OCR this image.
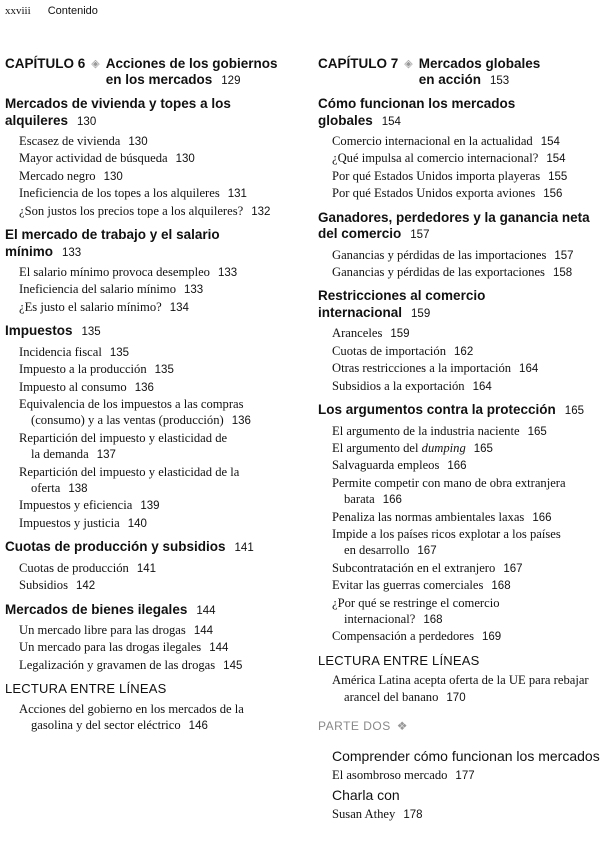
xxviii Contenido
CAPÍTULO 6 ◈ Acciones de los gobiernos
en los mercados 129
Mercados de vivienda y topes a los
alquileres 130
Escasez de vivienda 130
Mayor actividad de búsqueda 130
Mercado negro 130
Ineficiencia de los topes a los alquileres 131
¿Son justos los precios tope a los alquileres? 132
El mercado de trabajo y el salario mínimo 133
El salario mínimo provoca desempleo 133
Ineficiencia del salario mínimo 133
¿Es justo el salario mínimo? 134
Impuestos 135
Incidencia fiscal 135
Impuesto a la producción 135
Impuesto al consumo 136
Equivalencia de los impuestos a las compras
(consumo) y a las ventas (producción) 136
Repartición del impuesto y elasticidad de
la demanda 137
Repartición del impuesto y elasticidad de la
oferta 138
Impuestos y eficiencia 139
Impuestos y justicia 140
Cuotas de producción y subsidios 141
Cuotas de producción 141
Subsidios 142
Mercados de bienes ilegales 144
Un mercado libre para las drogas 144
Un mercado para las drogas ilegales 144
Legalización y gravamen de las drogas 145
LECTURA ENTRE LÍNEAS
Acciones del gobierno en los mercados de la
gasolina y del sector eléctrico 146
CAPÍTULO 7 ◈ Mercados globales
en acción 153
Cómo funcionan los mercados globales 154
Comercio internacional en la actualidad 154
¿Qué impulsa al comercio internacional? 154
Por qué Estados Unidos importa playeras 155
Por qué Estados Unidos exporta aviones 156
Ganadores, perdedores y la ganancia neta
del comercio 157
Ganancias y pérdidas de las importaciones 157
Ganancias y pérdidas de las exportaciones 158
Restricciones al comercio internacional 159
Aranceles 159
Cuotas de importación 162
Otras restricciones a la importación 164
Subsidios a la exportación 164
Los argumentos contra la protección 165
El argumento de la industria naciente 165
El argumento del dumping 165
Salvaguarda empleos 166
Permite competir con mano de obra extranjera
barata 166
Penaliza las normas ambientales laxas 166
Impide a los países ricos explotar a los países
en desarrollo 167
Subcontratación en el extranjero 167
Evitar las guerras comerciales 168
¿Por qué se restringe el comercio
internacional? 168
Compensación a perdedores 169
LECTURA ENTRE LÍNEAS
América Latina acepta oferta de la UE para rebajar
arancel del banano 170
PARTE DOS ❖
Comprender cómo funcionan los mercados
El asombroso mercado 177
Charla con
Susan Athey 178
